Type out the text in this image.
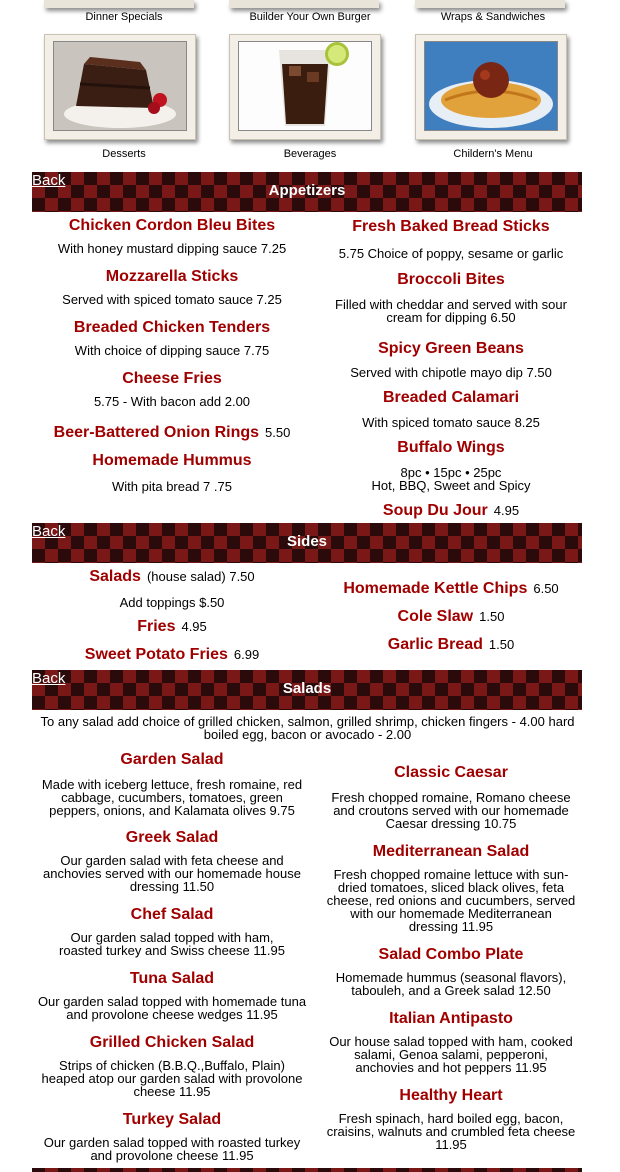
Dinner Specials	Builder Your Own Burger	Wraps & Sandwiches
Desserts	Beverages	Childern's Menu
Back
Appetizers
Chicken Cordon Bleu Bites
With honey mustard dipping sauce 7.25
Mozzarella Sticks
Served with spiced tomato sauce 7.25
Breaded Chicken Tenders
With choice of dipping sauce 7.75
Cheese Fries
5.75 - With bacon add 2.00
Beer-Battered Onion Rings 5.50
Homemade Hummus
With pita bread 7 .75
Fresh Baked Bread Sticks
5.75 Choice of poppy, sesame or garlic
Broccoli Bites
Filled with cheddar and served with sour cream for dipping 6.50
Spicy Green Beans
Served with chipotle mayo dip 7.50
Breaded Calamari
With spiced tomato sauce 8.25
Buffalo Wings
8pc • 15pc • 25pc
Hot, BBQ, Sweet and Spicy
Soup Du Jour 4.95
Back
Sides
Salads (house salad) 7.50
Add toppings $.50
Fries 4.95
Sweet Potato Fries 6.99
Homemade Kettle Chips 6.50
Cole Slaw 1.50
Garlic Bread 1.50
Back
Salads
To any salad add choice of grilled chicken, salmon, grilled shrimp, chicken fingers - 4.00 hard boiled egg, bacon or avocado - 2.00
Garden Salad
Made with iceberg lettuce, fresh romaine, red cabbage, cucumbers, tomatoes, green peppers, onions, and Kalamata olives 9.75
Greek Salad
Our garden salad with feta cheese and anchovies served with our homemade house dressing 11.50
Chef Salad
Our garden salad topped with ham, roasted turkey and Swiss cheese 11.95
Tuna Salad
Our garden salad topped with homemade tuna and provolone cheese wedges 11.95
Grilled Chicken Salad
Strips of chicken (B.B.Q.,Buffalo, Plain) heaped atop our garden salad with provolone cheese 11.95
Turkey Salad
Our garden salad topped with roasted turkey and provolone cheese 11.95
Classic Caesar
Fresh chopped romaine, Romano cheese and croutons served with our homemade Caesar dressing 10.75
Mediterranean Salad
Fresh chopped romaine lettuce with sun-dried tomatoes, sliced black olives, feta cheese, red onions and cucumbers, served with our homemade Mediterranean dressing 11.95
Salad Combo Plate
Homemade hummus (seasonal flavors), tabouleh, and a Greek salad 12.50
Italian Antipasto
Our house salad topped with ham, cooked salami, Genoa salami, pepperoni, anchovies and hot peppers 11.95
Healthy Heart
Fresh spinach, hard boiled egg, bacon, craisins, walnuts and crumbled feta cheese 11.95
